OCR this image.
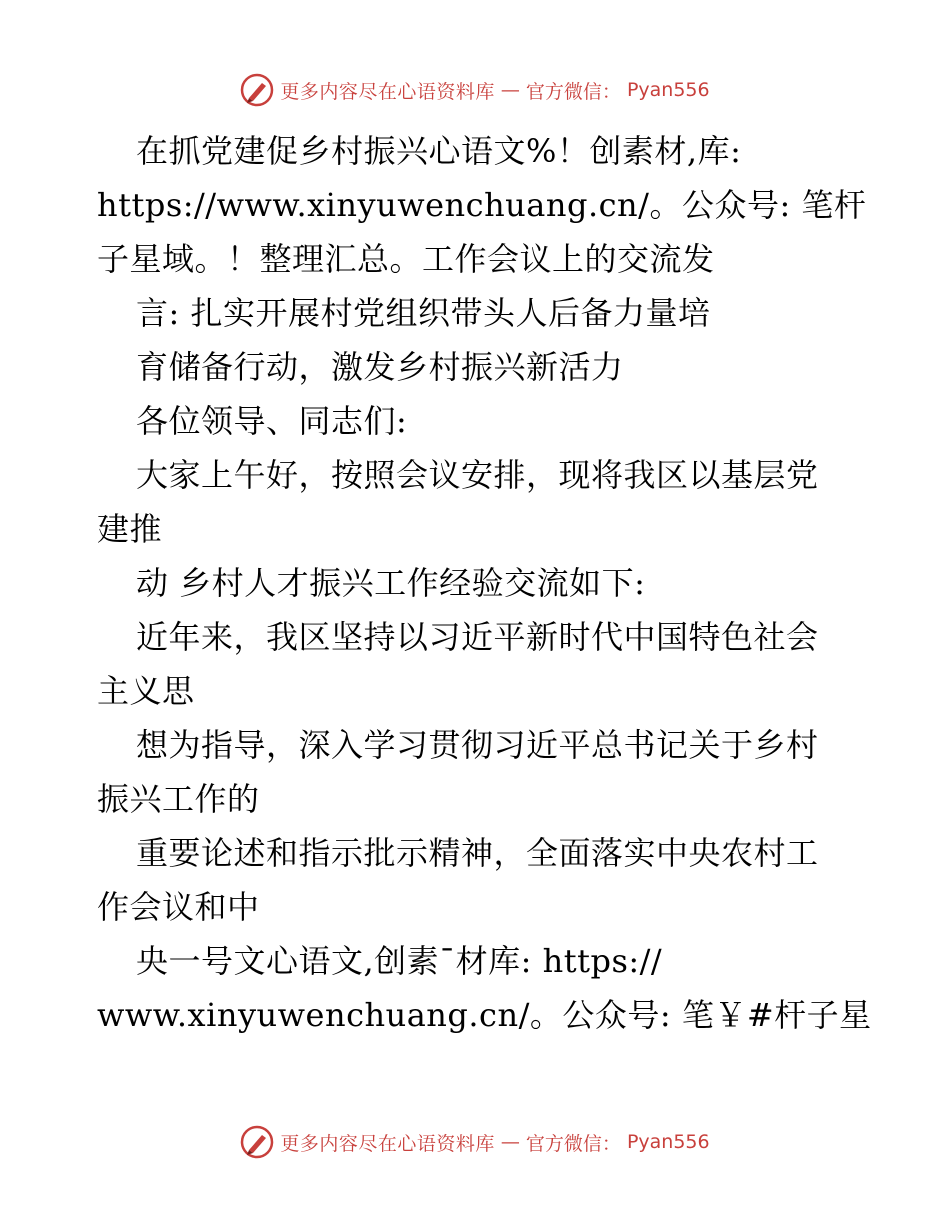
更多内容尽在心语资料库 — 官方微信： Pyan556
在抓党建促乡村振兴心语文%！创素材,库:
https://www.xinyuwenchuang.cn/。公众号: 笔杆
子星域。！整理汇总。工作会议上的交流发
言: 扎实开展村党组织带头人后备力量培
育储备行动，激发乡村振兴新活力
各位领导、同志们:
大家上午好，按照会议安排，现将我区以基层党
建推
动 乡村人才振兴工作经验交流如下:
近年来，我区坚持以习近平新时代中国特色社会
主义思
想为指导，深入学习贯彻习近平总书记关于乡村
振兴工作的
重要论述和指示批示精神，全面落实中央农村工
作会议和中
央一号文心语文,创素¯材库: https://
www.xinyuwenchuang.cn/。公众号: 笔￥#杆子星
更多内容尽在心语资料库 — 官方微信： Pyan556
